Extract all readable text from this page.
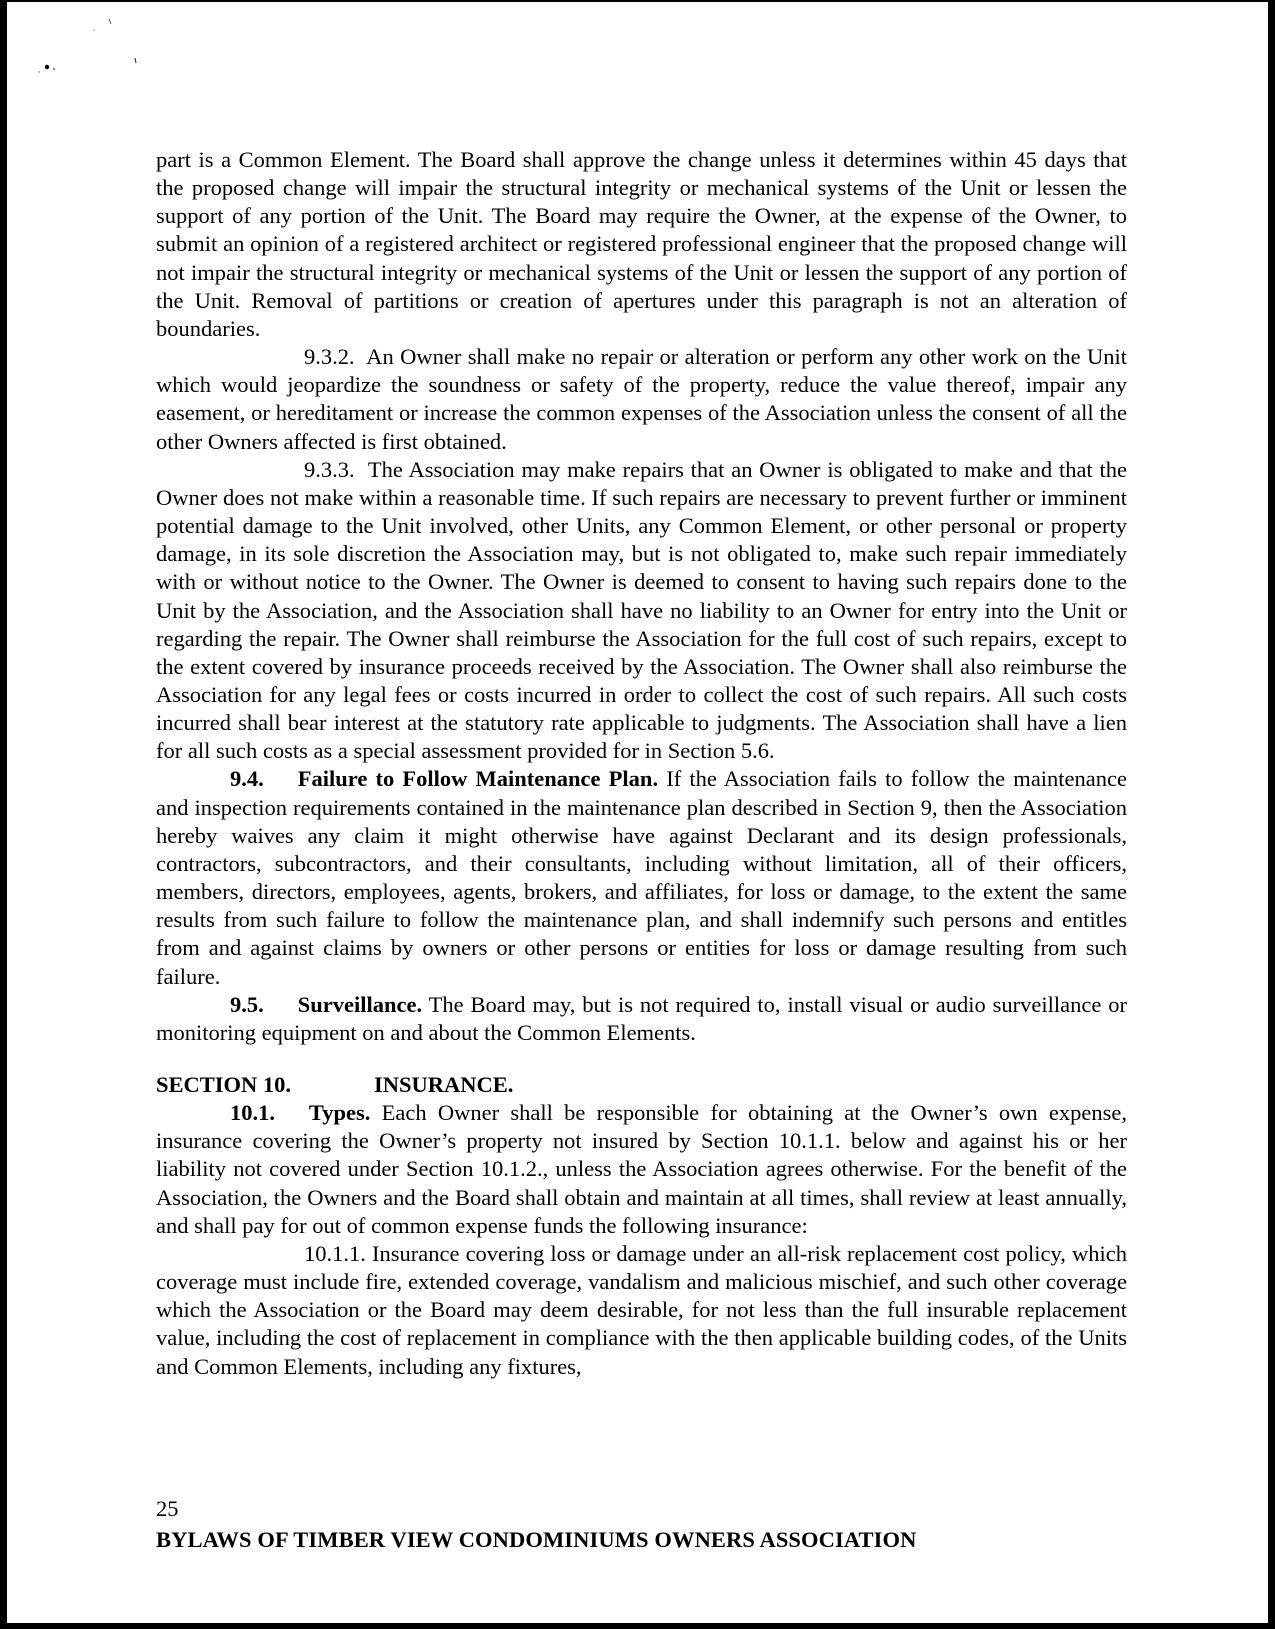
part is a Common Element. The Board shall approve the change unless it determines within 45 days that the proposed change will impair the structural integrity or mechanical systems of the Unit or lessen the support of any portion of the Unit. The Board may require the Owner, at the expense of the Owner, to submit an opinion of a registered architect or registered professional engineer that the proposed change will not impair the structural integrity or mechanical systems of the Unit or lessen the support of any portion of the Unit. Removal of partitions or creation of apertures under this paragraph is not an alteration of boundaries.

9.3.2. An Owner shall make no repair or alteration or perform any other work on the Unit which would jeopardize the soundness or safety of the property, reduce the value thereof, impair any easement, or hereditament or increase the common expenses of the Association unless the consent of all the other Owners affected is first obtained.

9.3.3. The Association may make repairs that an Owner is obligated to make and that the Owner does not make within a reasonable time. If such repairs are necessary to prevent further or imminent potential damage to the Unit involved, other Units, any Common Element, or other personal or property damage, in its sole discretion the Association may, but is not obligated to, make such repair immediately with or without notice to the Owner. The Owner is deemed to consent to having such repairs done to the Unit by the Association, and the Association shall have no liability to an Owner for entry into the Unit or regarding the repair. The Owner shall reimburse the Association for the full cost of such repairs, except to the extent covered by insurance proceeds received by the Association. The Owner shall also reimburse the Association for any legal fees or costs incurred in order to collect the cost of such repairs. All such costs incurred shall bear interest at the statutory rate applicable to judgments. The Association shall have a lien for all such costs as a special assessment provided for in Section 5.6.

9.4. Failure to Follow Maintenance Plan. If the Association fails to follow the maintenance and inspection requirements contained in the maintenance plan described in Section 9, then the Association hereby waives any claim it might otherwise have against Declarant and its design professionals, contractors, subcontractors, and their consultants, including without limitation, all of their officers, members, directors, employees, agents, brokers, and affiliates, for loss or damage, to the extent the same results from such failure to follow the maintenance plan, and shall indemnify such persons and entitles from and against claims by owners or other persons or entities for loss or damage resulting from such failure.

9.5. Surveillance. The Board may, but is not required to, install visual or audio surveillance or monitoring equipment on and about the Common Elements.

SECTION 10.	INSURANCE.

10.1. Types. Each Owner shall be responsible for obtaining at the Owner’s own expense, insurance covering the Owner’s property not insured by Section 10.1.1. below and against his or her liability not covered under Section 10.1.2., unless the Association agrees otherwise. For the benefit of the Association, the Owners and the Board shall obtain and maintain at all times, shall review at least annually, and shall pay for out of common expense funds the following insurance:

10.1.1. Insurance covering loss or damage under an all-risk replacement cost policy, which coverage must include fire, extended coverage, vandalism and malicious mischief, and such other coverage which the Association or the Board may deem desirable, for not less than the full insurable replacement value, including the cost of replacement in compliance with the then applicable building codes, of the Units and Common Elements, including any fixtures,

25
BYLAWS OF TIMBER VIEW CONDOMINIUMS OWNERS ASSOCIATION
